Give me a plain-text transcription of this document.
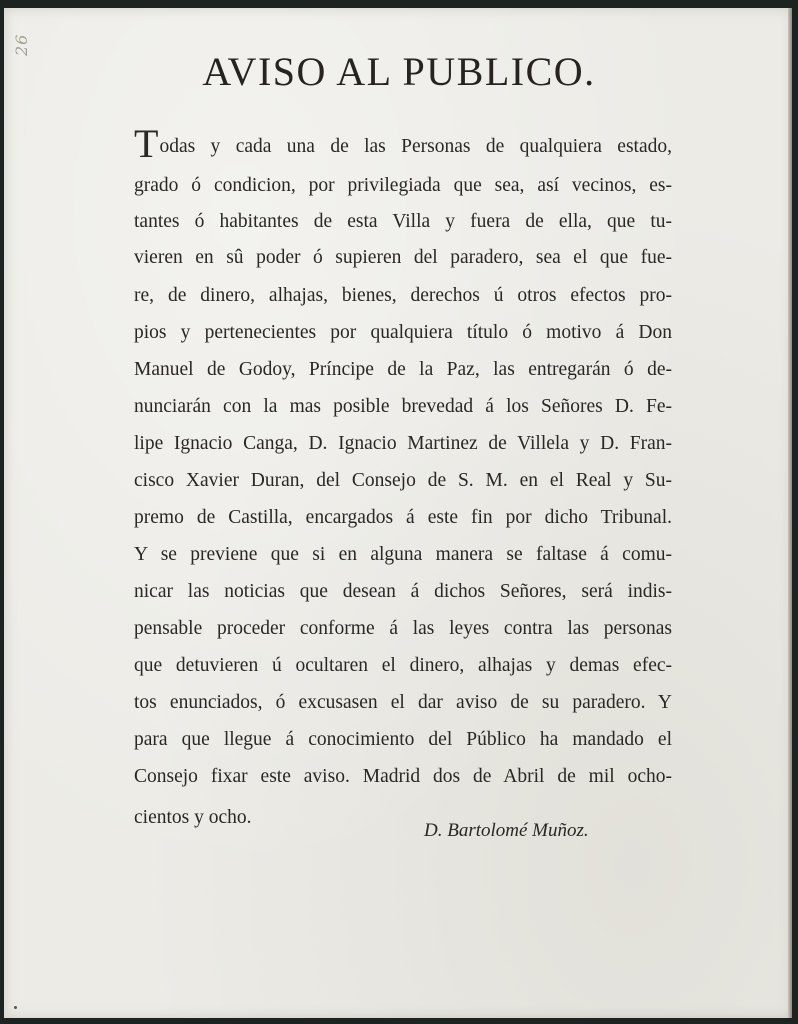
26
AVISO AL PUBLICO.
Todas y cada una de las Personas de qualquiera estado,
grado ó condicion, por privilegiada que sea, así vecinos, es-
tantes ó habitantes de esta Villa y fuera de ella, que tu-
vieren en sû poder ó supieren del paradero, sea el que fue-
re, de dinero, alhajas, bienes, derechos ú otros efectos pro-
pios y pertenecientes por qualquiera título ó motivo á Don
Manuel de Godoy, Príncipe de la Paz, las entregarán ó de-
nunciarán con la mas posible brevedad á los Señores D. Fe-
lipe Ignacio Canga, D. Ignacio Martinez de Villela y D. Fran-
cisco Xavier Duran, del Consejo de S. M. en el Real y Su-
premo de Castilla, encargados á este fin por dicho Tribunal.
Y se previene que si en alguna manera se faltase á comu-
nicar las noticias que desean á dichos Señores, será indis-
pensable proceder conforme á las leyes contra las personas
que detuvieren ú ocultaren el dinero, alhajas y demas efec-
tos enunciados, ó excusasen el dar aviso de su paradero. Y
para que llegue á conocimiento del Público ha mandado el
Consejo fixar este aviso. Madrid dos de Abril de mil ocho-
cientos y ocho.
D. Bartolomé Muñoz.
